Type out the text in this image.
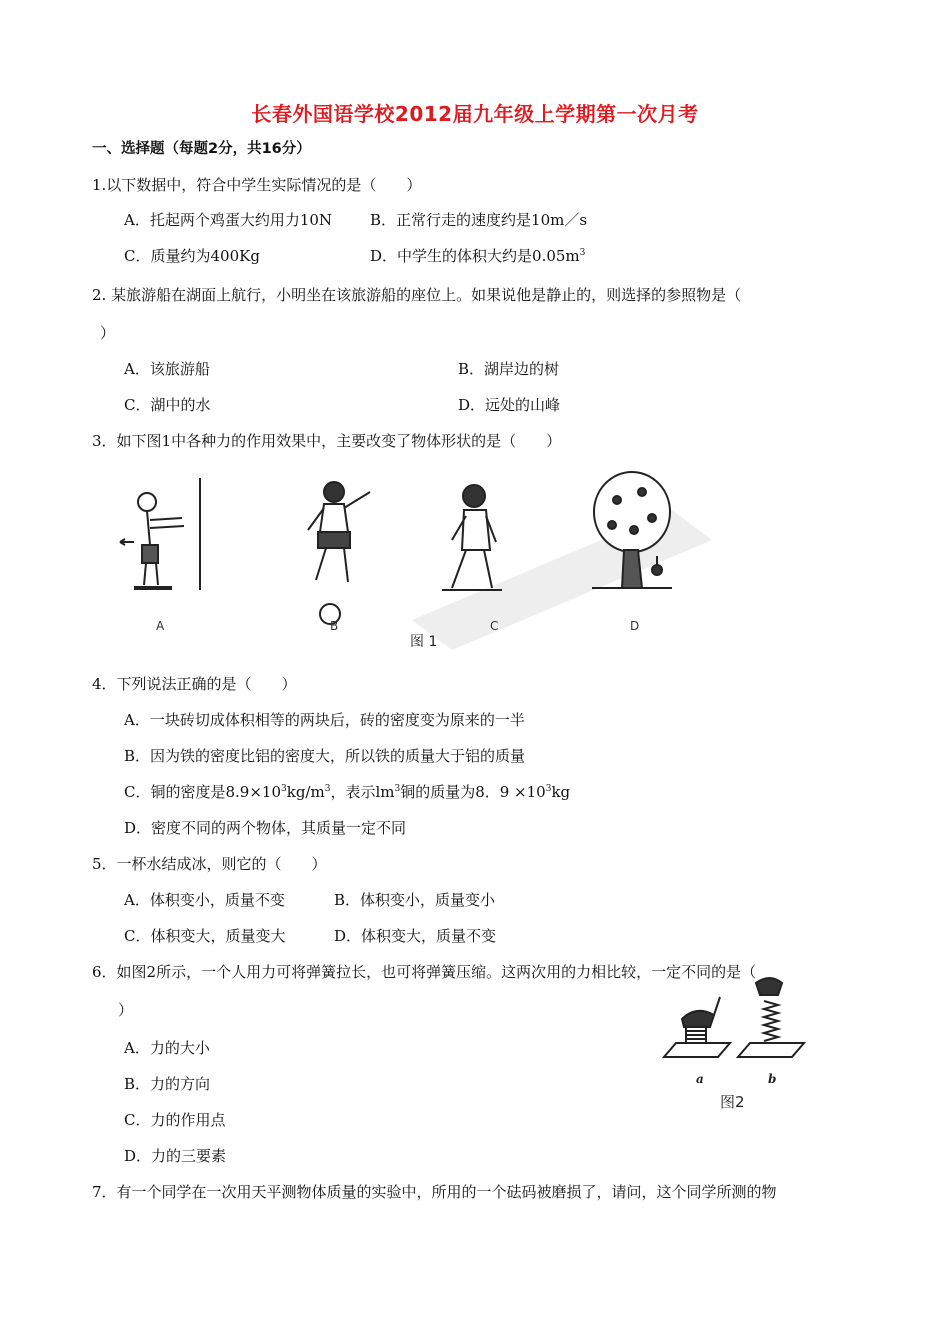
长春外国语学校2012届九年级上学期第一次月考
一、选择题（每题2分，共16分）
1.以下数据中，符合中学生实际情况的是（　　）
A．托起两个鸡蛋大约用力10N	B．正常行走的速度约是10m／s
C．质量约为400Kg	D．中学生的体积大约是$0.05m^3$
2. 某旅游船在湖面上航行，小明坐在该旅游船的座位上。如果说他是静止的，则选择的参照物是（
）
A．该旅游船	B．湖岸边的树
C．湖中的水	D．远处的山峰
3．如下图1中各种力的作用效果中，主要改变了物体形状的是（　　）
A	B	C	D
图 1
4．下列说法正确的是（　　）
A．一块砖切成体积相等的两块后，砖的密度变为原来的一半
B．因为铁的密度比铝的密度大，所以铁的质量大于铝的质量
C．铜的密度是$8.9\times 10^3kg/m^3$，表示$lm^3$铜的质量为8．$9 \times 10^3kg$
D．密度不同的两个物体，其质量一定不同
5．一杯水结成冰，则它的（　　）
A．体积变小，质量不变	B．体积变小，质量变小
C．体积变大，质量变大	D．体积变大，质量不变
6．如图2所示，一个人用力可将弹簧拉长，也可将弹簧压缩。这两次用的力相比较，一定不同的是（
）
A．力的大小
B．力的方向
C．力的作用点
D．力的三要素
a	b
图2
7．有一个同学在一次用天平测物体质量的实验中，所用的一个砝码被磨损了，请问，这个同学所测的物
